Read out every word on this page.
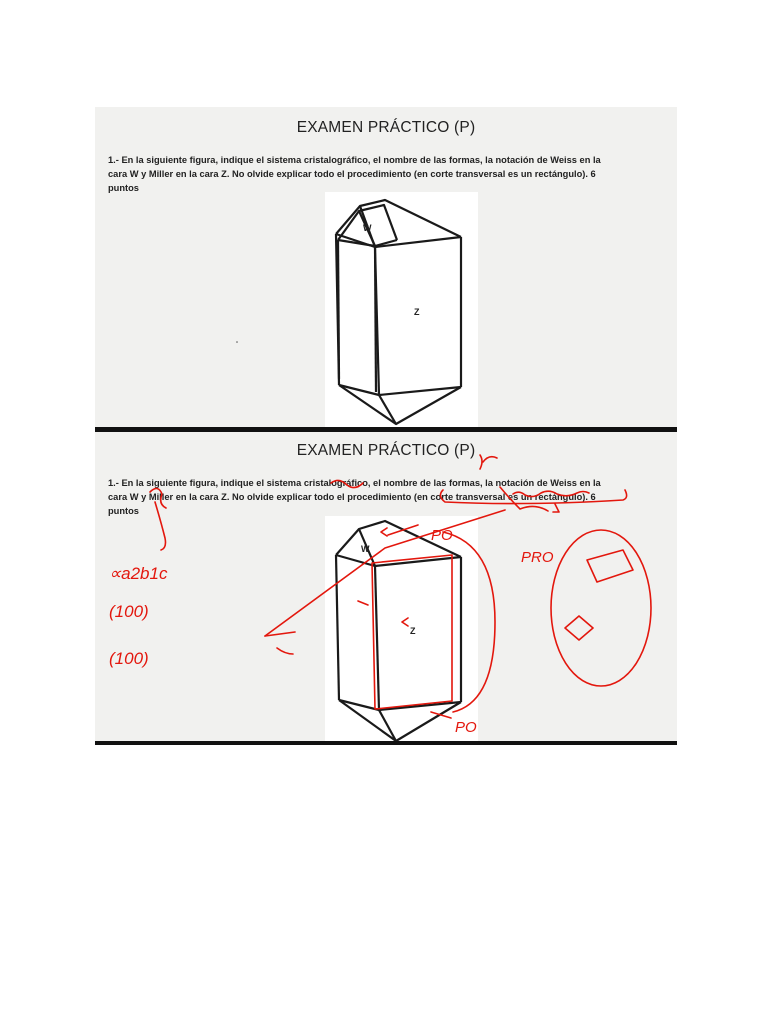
EXAMEN PRÁCTICO (P)
1.- En la siguiente figura, indique el sistema cristalográfico, el nombre de las formas, la notación de Weiss en la
cara W y Miller en la cara Z. No olvide explicar todo el procedimiento (en corte transversal es un rectángulo). 6
puntos
W
Z
EXAMEN PRÁCTICO (P)
1.- En la siguiente figura, indique el sistema cristalográfico, el nombre de las formas, la notación de Weiss en la
cara W y Miller en la cara Z. No olvide explicar todo el procedimiento (en corte transversal es un rectángulo). 6
puntos
W
Z
∝a2b1c
(100)
(100)
PO
PRO
PO
